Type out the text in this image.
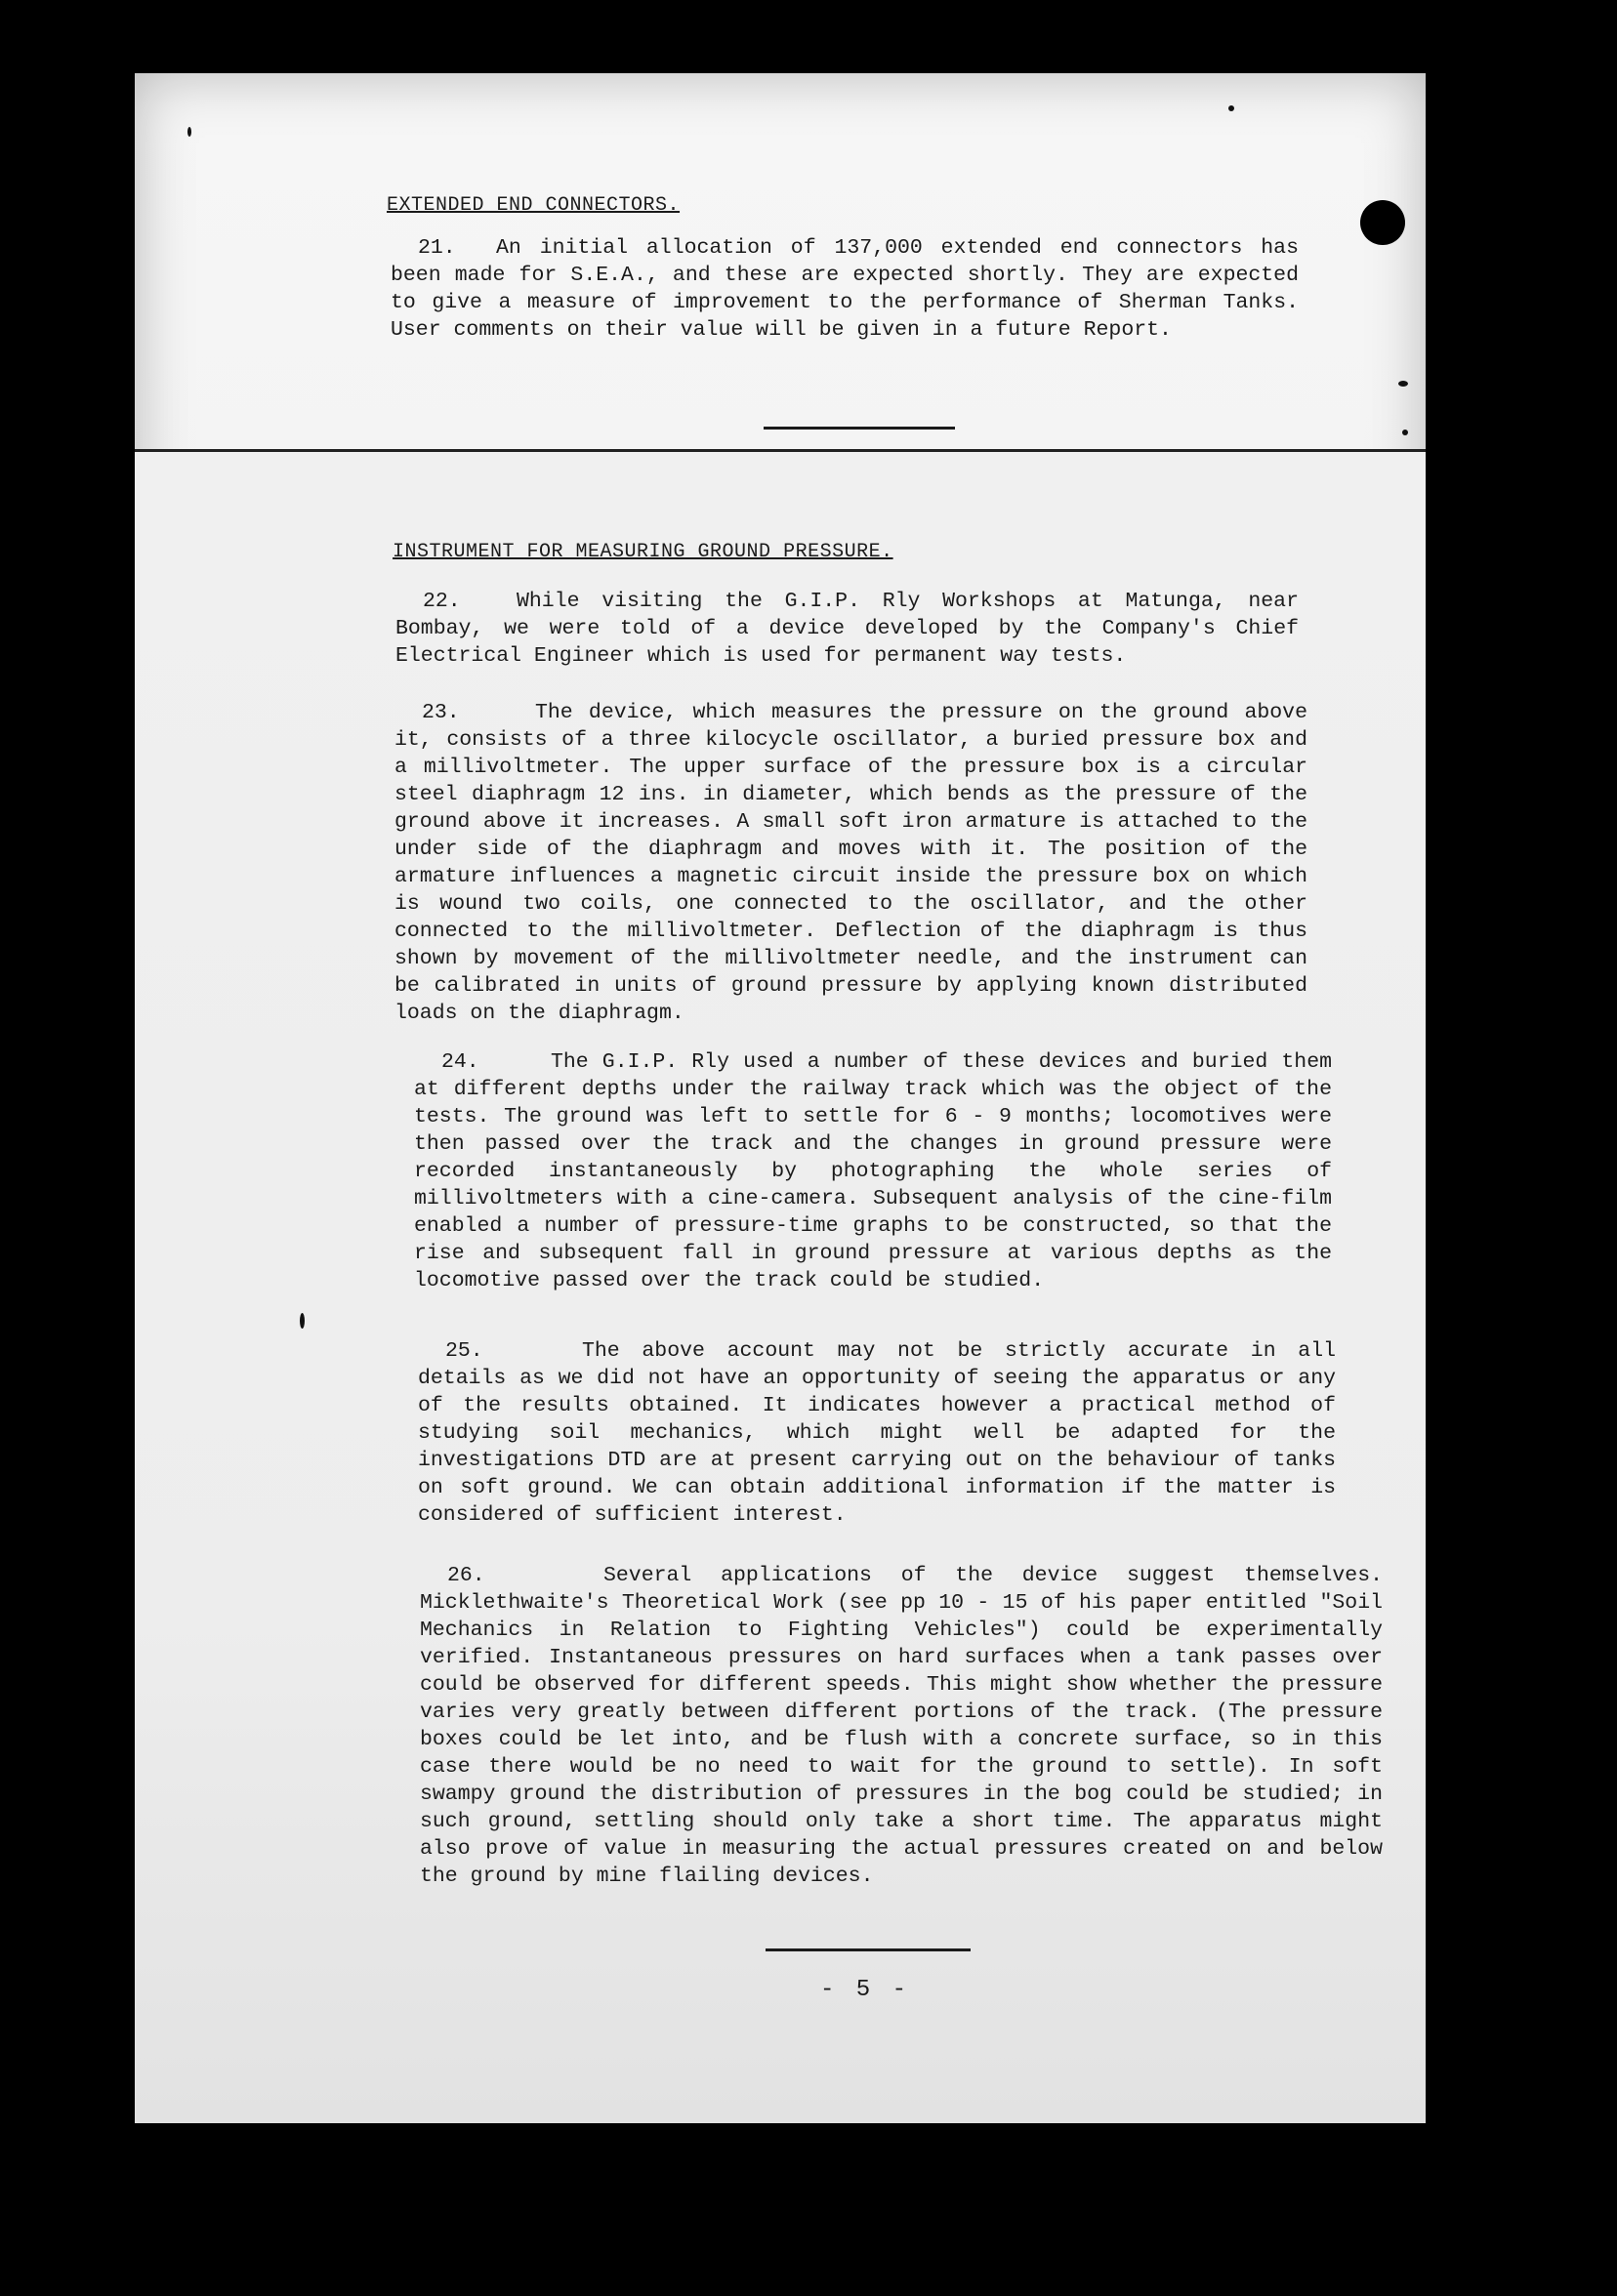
EXTENDED END CONNECTORS.

21. An initial allocation of 137,000 extended end connectors has been made for S.E.A., and these are expected shortly. They are expected to give a measure of improvement to the performance of Sherman Tanks. User comments on their value will be given in a future Report.

INSTRUMENT FOR MEASURING GROUND PRESSURE.

22.	While visiting the G.I.P. Rly Workshops at Matunga, near Bombay, we were told of a device developed by the Company's Chief Electrical Engineer which is used for permanent way tests.

23.	The device, which measures the pressure on the ground above it, consists of a three kilocycle oscillator, a buried pressure box and a millivoltmeter. The upper surface of the pressure box is a circular steel diaphragm 12 ins. in diameter, which bends as the pressure of the ground above it increases. A small soft iron armature is attached to the under side of the diaphragm and moves with it. The position of the armature influences a magnetic circuit inside the pressure box on which is wound two coils, one connected to the oscillator, and the other connected to the millivoltmeter. Deflection of the diaphragm is thus shown by movement of the millivoltmeter needle, and the instrument can be calibrated in units of ground pressure by applying known distributed loads on the diaphragm.

24.	The G.I.P. Rly used a number of these devices and buried them at different depths under the railway track which was the object of the tests. The ground was left to settle for 6 - 9 months; locomotives were then passed over the track and the changes in ground pressure were recorded instantaneously by photographing the whole series of millivoltmeters with a cine-camera. Subsequent analysis of the cine-film enabled a number of pressure-time graphs to be constructed, so that the rise and subsequent fall in ground pressure at various depths as the locomotive passed over the track could be studied.

25.	The above account may not be strictly accurate in all details as we did not have an opportunity of seeing the apparatus or any of the results obtained. It indicates however a practical method of studying soil mechanics, which might well be adapted for the investigations DTD are at present carrying out on the behaviour of tanks on soft ground. We can obtain additional information if the matter is considered of sufficient interest.

26.	Several applications of the device suggest themselves. Micklethwaite's Theoretical Work (see pp 10 - 15 of his paper entitled "Soil Mechanics in Relation to Fighting Vehicles") could be experimentally verified. Instantaneous pressures on hard surfaces when a tank passes over could be observed for different speeds. This might show whether the pressure varies very greatly between different portions of the track. (The pressure boxes could be let into, and be flush with a concrete surface, so in this case there would be no need to wait for the ground to settle). In soft swampy ground the distribution of pressures in the bog could be studied; in such ground, settling should only take a short time. The apparatus might also prove of value in measuring the actual pressures created on and below the ground by mine flailing devices.

- 5 -
